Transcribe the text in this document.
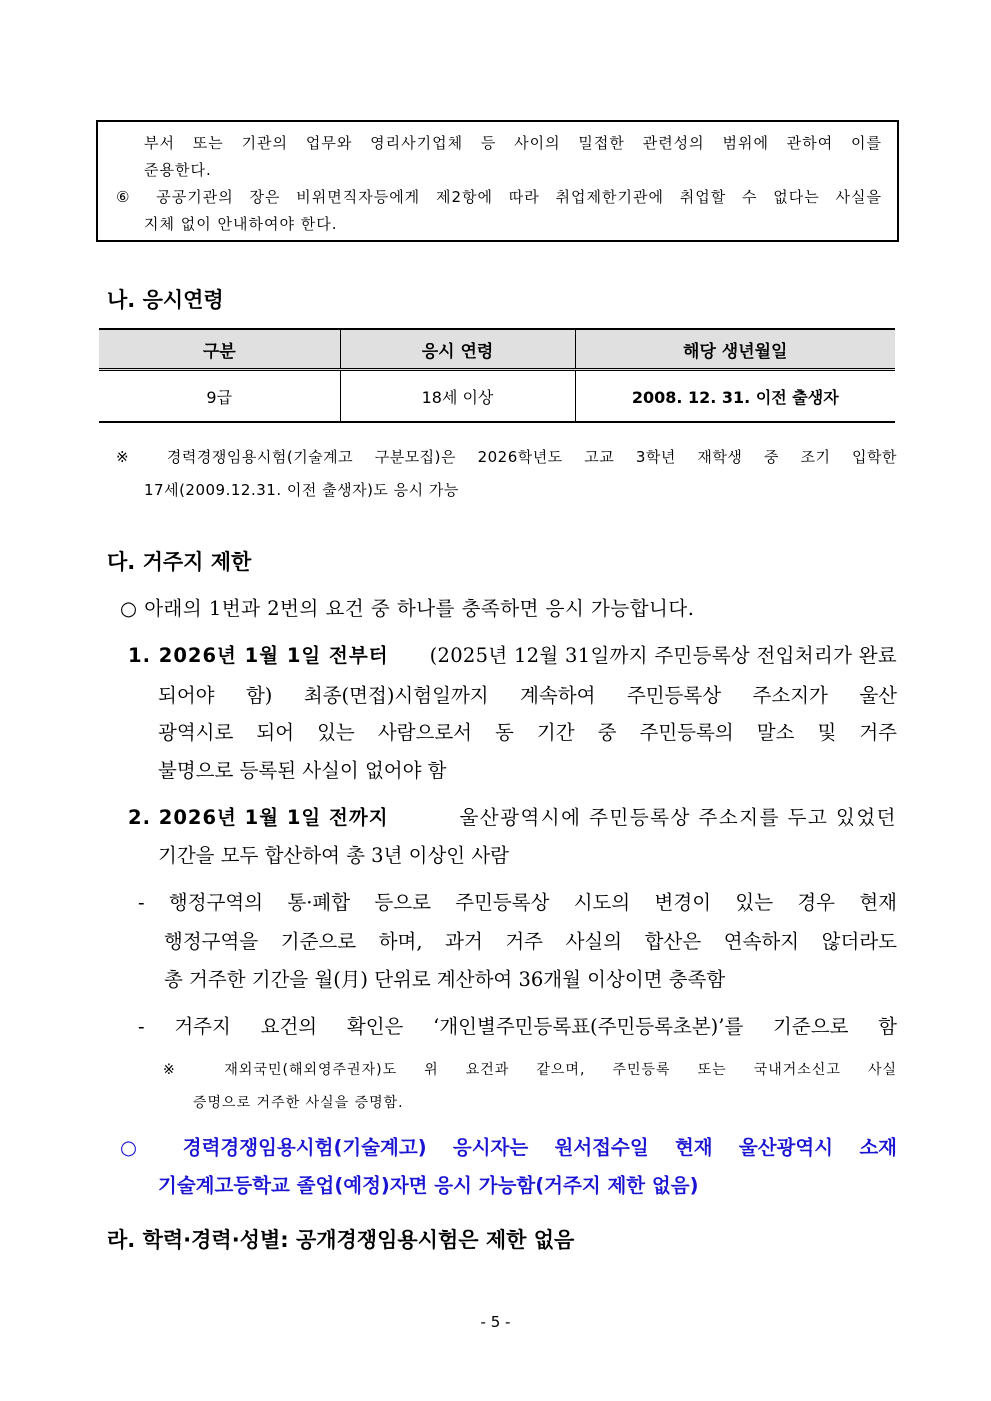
부서 또는 기관의 업무와 영리사기업체 등 사이의 밀접한 관련성의 범위에 관하여 이를
준용한다.
⑥ 공공기관의 장은 비위면직자등에게 제2항에 따라 취업제한기관에 취업할 수 없다는 사실을
지체 없이 안내하여야 한다.
나. 응시연령
구분	응시 연령	해당 생년월일
9급	18세 이상	2008. 12. 31. 이전 출생자
※ 경력경쟁임용시험(기술계고 구분모집)은 2026학년도 고교 3학년 재학생 중 조기 입학한
17세(2009.12.31. 이전 출생자)도 응시 가능
다. 거주지 제한
○ 아래의 1번과 2번의 요건 중 하나를 충족하면 응시 가능합니다.
1. 2026년 1월 1일 전부터 (2025년 12월 31일까지 주민등록상 전입처리가 완료
되어야 함) 최종(면접)시험일까지 계속하여 주민등록상 주소지가 울산
광역시로 되어 있는 사람으로서 동 기간 중 주민등록의 말소 및 거주
불명으로 등록된 사실이 없어야 함
2. 2026년 1월 1일 전까지	울산광역시에 주민등록상 주소지를 두고 있었던
기간을 모두 합산하여 총 3년 이상인 사람
- 행정구역의 통·폐합 등으로 주민등록상 시도의 변경이 있는 경우 현재
행정구역을 기준으로 하며, 과거 거주 사실의 합산은 연속하지 않더라도
총 거주한 기간을 월(月) 단위로 계산하여 36개월 이상이면 충족함
- 거주지 요건의 확인은 ‘개인별주민등록표(주민등록초본)’를 기준으로 함
※ 재외국민(해외영주권자)도 위 요건과 같으며, 주민등록 또는 국내거소신고 사실
증명으로 거주한 사실을 증명함.
○ 경력경쟁임용시험(기술계고) 응시자는 원서접수일 현재 울산광역시 소재
기술계고등학교 졸업(예정)자면 응시 가능함(거주지 제한 없음)
라. 학력·경력·성별: 공개경쟁임용시험은 제한 없음
- 5 -
